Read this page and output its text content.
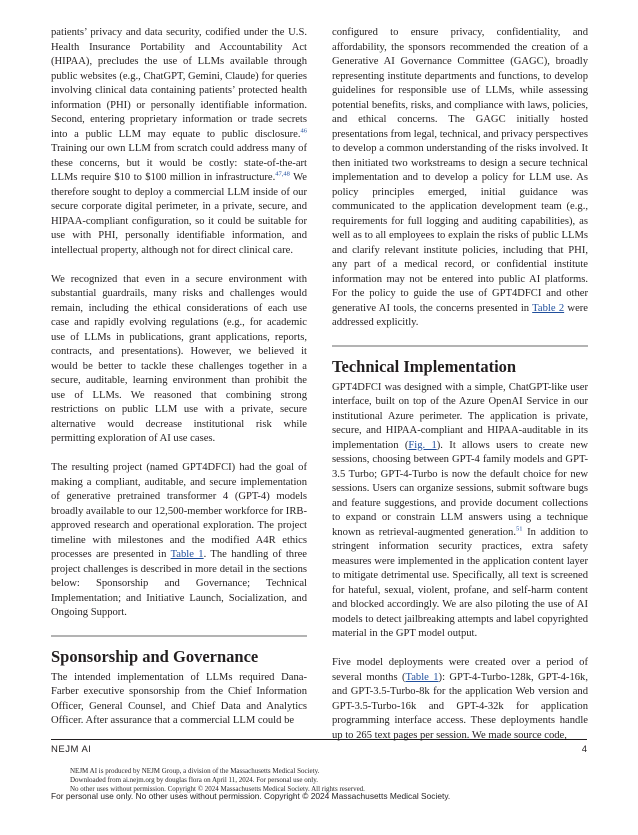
patients’ privacy and data security, codified under the U.S. Health Insurance Portability and Accountability Act (HIPAA), precludes the use of LLMs available through public websites (e.g., ChatGPT, Gemini, Claude) for queries involving clinical data containing patients’ protected health information (PHI) or personally identifiable information. Second, entering proprietary information or trade secrets into a public LLM may equate to public disclosure.$^{46}$ Training our own LLM from scratch could address many of these concerns, but it would be costly: state-of-the-art LLMs require $10 to $100 million in infrastructure.$^{47,48}$ We therefore sought to deploy a commercial LLM inside of our secure corporate digital perimeter, in a private, secure, and HIPAA-compliant configuration, so it could be suitable for use with PHI, personally identifiable information, and intellectual property, although not for direct clinical care.

We recognized that even in a secure environment with substantial guardrails, many risks and challenges would remain, including the ethical considerations of each use case and rapidly evolving regulations (e.g., for academic use of LLMs in publications, grant applications, reports, contracts, and presentations). However, we believed it would be better to tackle these challenges together in a secure, auditable, learning environment than prohibit the use of LLMs. We reasoned that combining strong restrictions on public LLM use with a private, secure alternative would decrease institutional risk while permitting exploration of AI use cases.

The resulting project (named GPT4DFCI) had the goal of making a compliant, auditable, and secure implementation of generative pretrained transformer 4 (GPT-4) models broadly available to our 12,500-member workforce for IRB-approved research and operational exploration. The project timeline with milestones and the modified A4R ethics processes are presented in Table 1. The handling of three project challenges is described in more detail in the sections below: Sponsorship and Governance; Technical Implementation; and Initiative Launch, Socialization, and Ongoing Support.

Sponsorship and Governance

The intended implementation of LLMs required Dana-Farber executive sponsorship from the Chief Information Officer, General Counsel, and Chief Data and Analytics Officer. After assurance that a commercial LLM could be

configured to ensure privacy, confidentiality, and affordability, the sponsors recommended the creation of a Generative AI Governance Committee (GAGC), broadly representing institute departments and functions, to develop guidelines for responsible use of LLMs, while assessing potential benefits, risks, and compliance with laws, policies, and ethical concerns. The GAGC initially hosted presentations from legal, technical, and privacy perspectives to develop a common understanding of the risks involved. It then initiated two workstreams to design a secure technical implementation and to develop a policy for LLM use. As policy principles emerged, initial guidance was communicated to the application development team (e.g., requirements for full logging and auditing capabilities), as well as to all employees to explain the risks of public LLMs and clarify relevant institute policies, including that PHI, any part of a medical record, or confidential institute information may not be entered into public AI platforms. For the policy to guide the use of GPT4DFCI and other generative AI tools, the concerns presented in Table 2 were addressed explicitly.

Technical Implementation

GPT4DFCI was designed with a simple, ChatGPT-like user interface, built on top of the Azure OpenAI Service in our institutional Azure perimeter. The application is private, secure, and HIPAA-compliant and HIPAA-auditable in its implementation (Fig. 1). It allows users to create new sessions, choosing between GPT-4 family models and GPT-3.5 Turbo; GPT-4-Turbo is now the default choice for new sessions. Users can organize sessions, submit software bugs and feature suggestions, and provide document collections to expand or constrain LLM answers using a technique known as retrieval-augmented generation.$^{51}$ In addition to stringent information security practices, extra safety measures were implemented in the application content layer to mitigate detrimental use. Specifically, all text is screened for hateful, sexual, violent, profane, and self-harm content and blocked accordingly. We are also piloting the use of AI models to detect jailbreaking attempts and label copyrighted material in the GPT model output.

Five model deployments were created over a period of several months (Table 1): GPT-4-Turbo-128k, GPT-4-16k, and GPT-3.5-Turbo-8k for the application Web version and GPT-3.5-Turbo-16k and GPT-4-32k for application programming interface access. These deployments handle up to 265 text pages per session. We made source code,

NEJM AI	4
NEJM AI is produced by NEJM Group, a division of the Massachusetts Medical Society.
Downloaded from ai.nejm.org by douglas flora on April 11, 2024. For personal use only.
No other uses without permission. Copyright © 2024 Massachusetts Medical Society. All rights reserved.
For personal use only. No other uses without permission. Copyright © 2024 Massachusetts Medical Society.
